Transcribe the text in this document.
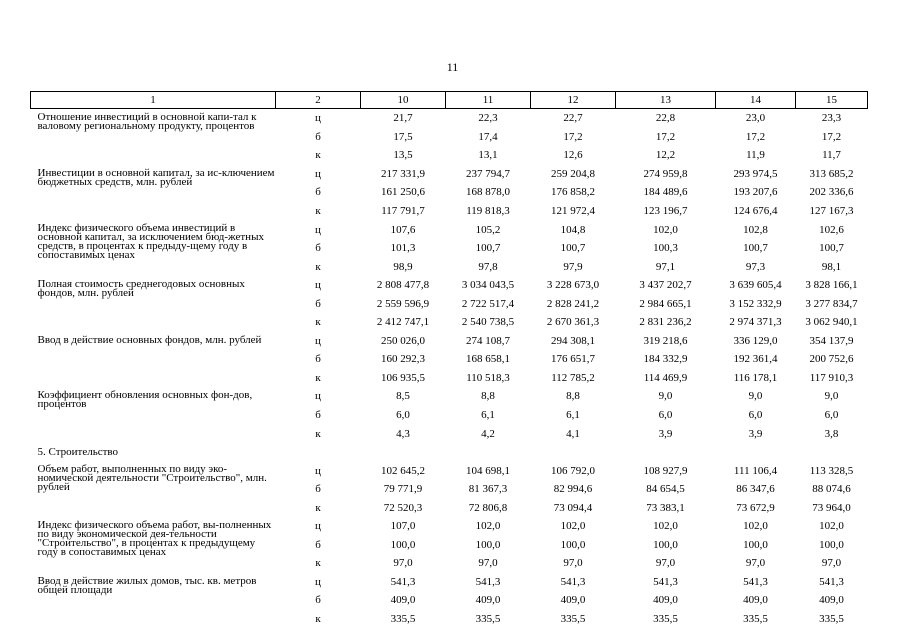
11
1	2	10	11	12	13	14	15
Отношение инвестиций в основной капи-тал к валовому региональному продукту, процентов	ц	21,7	22,3	22,7	22,8	23,0	23,3
	б	17,5	17,4	17,2	17,2	17,2	17,2
	к	13,5	13,1	12,6	12,2	11,9	11,7
Инвестиции в основной капитал, за ис-ключением бюджетных средств, млн. рублей	ц	217 331,9	237 794,7	259 204,8	274 959,8	293 974,5	313 685,2
	б	161 250,6	168 878,0	176 858,2	184 489,6	193 207,6	202 336,6
	к	117 791,7	119 818,3	121 972,4	123 196,7	124 676,4	127 167,3
Индекс физического объема инвестиций в основной капитал, за исключением бюд-жетных средств, в процентах к предыду-щему году в сопоставимых ценах	ц	107,6	105,2	104,8	102,0	102,8	102,6
	б	101,3	100,7	100,7	100,3	100,7	100,7
	к	98,9	97,8	97,9	97,1	97,3	98,1
Полная стоимость среднегодовых основных фондов, млн. рублей	ц	2 808 477,8	3 034 043,5	3 228 673,0	3 437 202,7	3 639 605,4	3 828 166,1
	б	2 559 596,9	2 722 517,4	2 828 241,2	2 984 665,1	3 152 332,9	3 277 834,7
	к	2 412 747,1	2 540 738,5	2 670 361,3	2 831 236,2	2 974 371,3	3 062 940,1
Ввод в действие основных фондов, млн. рублей	ц	250 026,0	274 108,7	294 308,1	319 218,6	336 129,0	354 137,9
	б	160 292,3	168 658,1	176 651,7	184 332,9	192 361,4	200 752,6
	к	106 935,5	110 518,3	112 785,2	114 469,9	116 178,1	117 910,3
Коэффициент обновления основных фон-дов, процентов	ц	8,5	8,8	8,8	9,0	9,0	9,0
	б	6,0	6,1	6,1	6,0	6,0	6,0
	к	4,3	4,2	4,1	3,9	3,9	3,8
5. Строительство							
Объем работ, выполненных по виду эко-номической деятельности "Строительство", млн. рублей	ц	102 645,2	104 698,1	106 792,0	108 927,9	111 106,4	113 328,5
	б	79 771,9	81 367,3	82 994,6	84 654,5	86 347,6	88 074,6
	к	72 520,3	72 806,8	73 094,4	73 383,1	73 672,9	73 964,0
Индекс физического объема работ, вы-полненных по виду экономической дея-тельности "Строительство", в процентах к предыдущему году в сопоставимых ценах	ц	107,0	102,0	102,0	102,0	102,0	102,0
	б	100,0	100,0	100,0	100,0	100,0	100,0
	к	97,0	97,0	97,0	97,0	97,0	97,0
Ввод в действие жилых домов, тыс. кв. метров общей площади	ц	541,3	541,3	541,3	541,3	541,3	541,3
	б	409,0	409,0	409,0	409,0	409,0	409,0
	к	335,5	335,5	335,5	335,5	335,5	335,5
